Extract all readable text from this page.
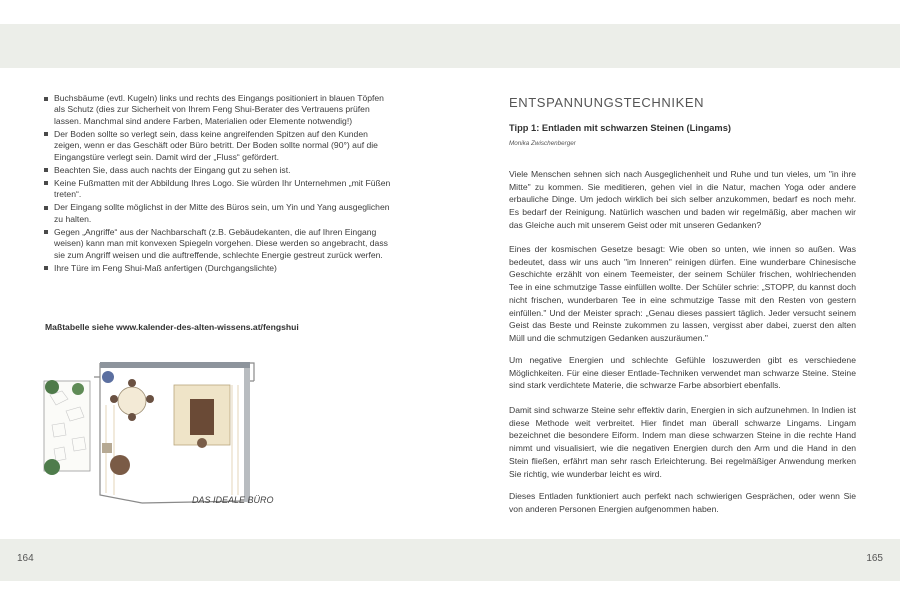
Buchsbäume (evtl. Kugeln) links und rechts des Eingangs positioniert in blauen Töpfen als Schutz (dies zur Sicherheit von Ihrem Feng Shui-Berater des Vertrauens prüfen lassen. Manchmal sind andere Farben, Materialien oder Elemente notwendig!)
Der Boden sollte so verlegt sein, dass keine angreifenden Spitzen auf den Kunden zeigen, wenn er das Geschäft oder Büro betritt. Der Boden sollte normal (90°) auf die Eingangstüre verlegt sein. Damit wird der „Fluss“ gefördert.
Beachten Sie, dass auch nachts der Eingang gut zu sehen ist.
Keine Fußmatten mit der Abbildung Ihres Logo. Sie würden Ihr Unternehmen „mit Füßen treten“.
Der Eingang sollte möglichst in der Mitte des Büros sein, um Yin und Yang ausgeglichen zu halten.
Gegen „Angriffe“ aus der Nachbarschaft (z.B. Gebäudekanten, die auf Ihren Eingang weisen) kann man mit konvexen Spiegeln vorgehen. Diese werden so angebracht, dass sie zum Angriff weisen und die auftreffende, schlechte Energie gestreut zurück werfen.
Ihre Türe im Feng Shui-Maß anfertigen (Durchgangslichte)
Maßtabelle siehe www.kalender-des-alten-wissens.at/fengshui
DAS IDEALE BÜRO
ENTSPANNUNGSTECHNIKEN
Tipp 1: Entladen mit schwarzen Steinen (Lingams)
Monika Zwischenberger

Viele Menschen sehnen sich nach Ausgeglichenheit und Ruhe und tun vieles, um "in ihre Mitte" zu kommen. Sie meditieren, gehen viel in die Natur, machen Yoga oder andere erbauliche Dinge. Um jedoch wirklich bei sich selber anzukommen, bedarf es noch mehr. Es bedarf der Reinigung. Natürlich waschen und baden wir regelmäßig, aber machen wir das Gleiche auch mit unserem Geist oder mit unseren Gedanken?

Eines der kosmischen Gesetze besagt: Wie oben so unten, wie innen so außen. Was bedeutet, dass wir uns auch "im Inneren" reinigen dürfen. Eine wunderbare Chinesische Geschichte erzählt von einem Teemeister, der seinem Schüler frischen, wohlriechenden Tee in eine schmutzige Tasse einfüllen wollte. Der Schüler schrie: „STOPP, du kannst doch nicht frischen, wunderbaren Tee in eine schmutzige Tasse mit den Resten von gestern einfüllen." Und der Meister sprach: „Genau dieses passiert täglich. Jeder versucht seinem Geist das Beste und Reinste zukommen zu lassen, vergisst aber dabei, zuerst den alten Müll und die schmutzigen Gedanken auszuräumen."

Um negative Energien und schlechte Gefühle loszuwerden gibt es verschiedene Möglichkeiten. Für eine dieser Entlade-Techniken verwendet man schwarze Steine. Steine sind stark verdichtete Materie, die schwarze Farbe absorbiert ebenfalls.

Damit sind schwarze Steine sehr effektiv darin, Energien in sich aufzunehmen. In Indien ist diese Methode weit verbreitet. Hier findet man überall schwarze Lingams. Lingam bezeichnet die besondere Eiform. Indem man diese schwarzen Steine in die rechte Hand nimmt und visualisiert, wie die negativen Energien durch den Arm und die Hand in den Stein fließen, erfährt man sehr rasch Erleichterung. Bei regelmäßiger Anwendung merken Sie richtig, wie wunderbar leicht es wird.

Dieses Entladen funktioniert auch perfekt nach schwierigen Gesprächen, oder wenn Sie von anderen Personen Energien aufgenommen haben.

164	165
